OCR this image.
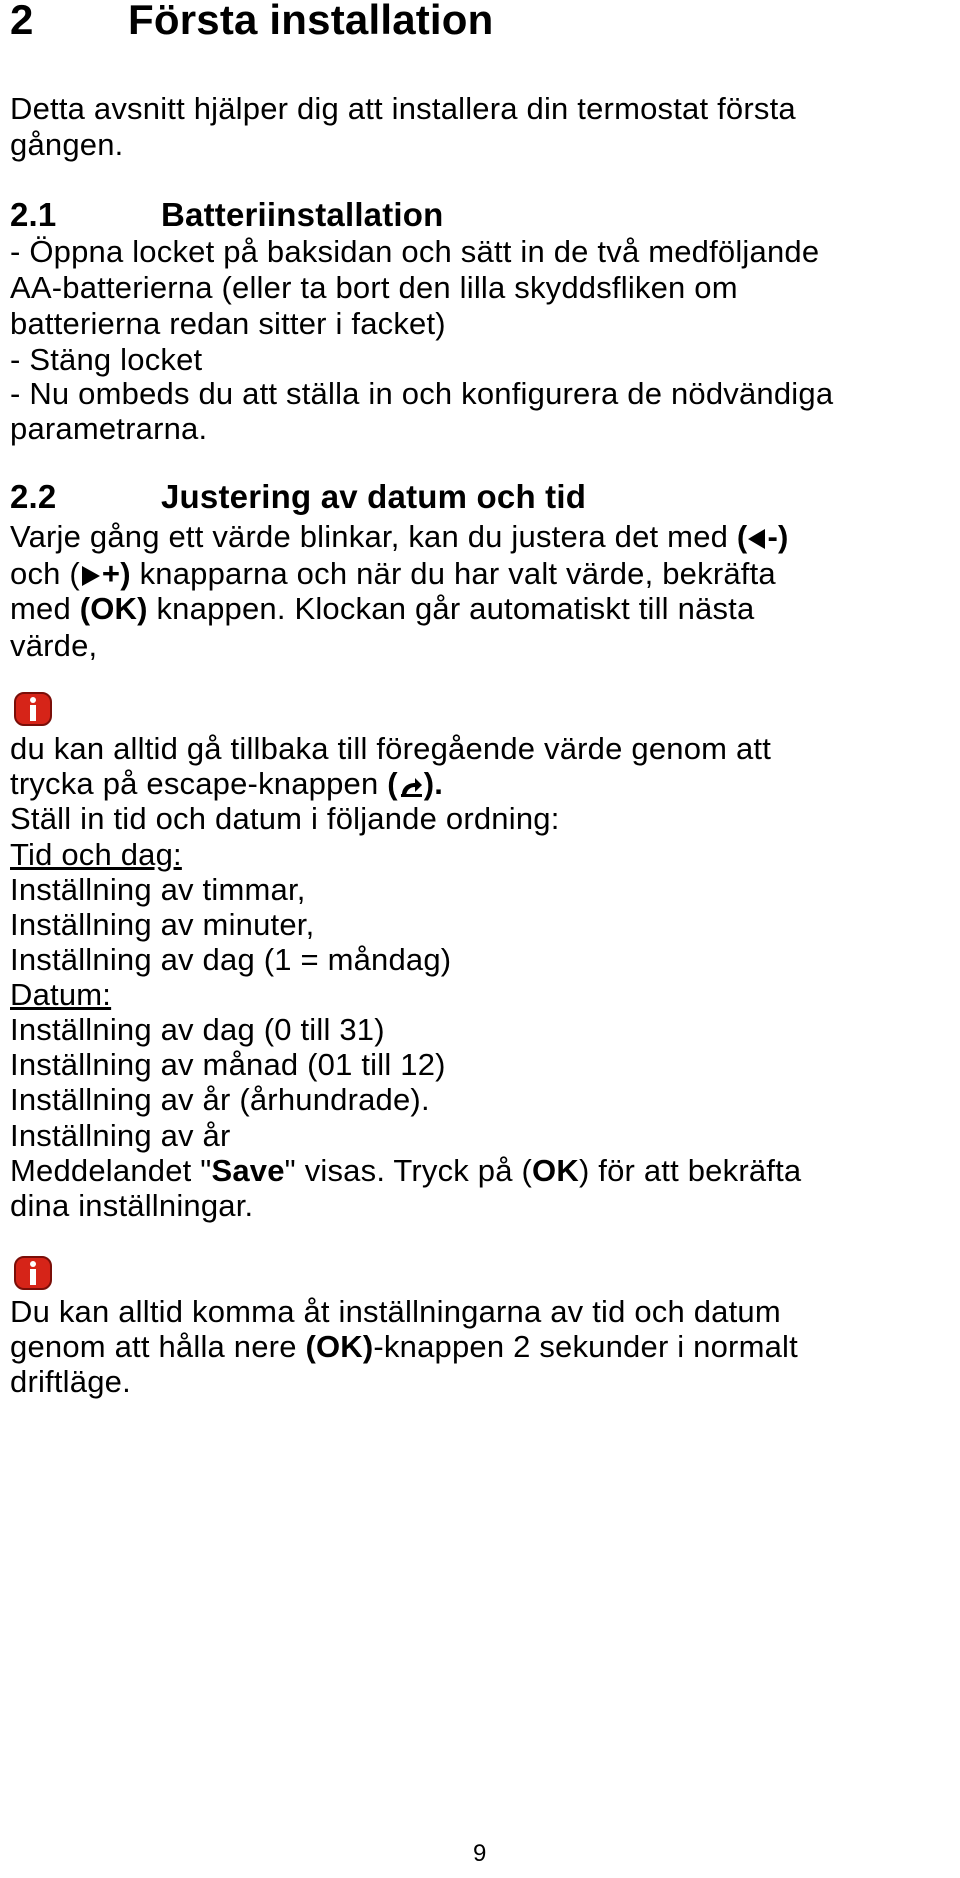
2 Första installation
Detta avsnitt hjälper dig att installera din termostat första
gången.
2.1	Batteriinstallation
- Öppna locket på baksidan och sätt in de två medföljande
AA-batterierna (eller ta bort den lilla skyddsfliken om
batterierna redan sitter i facket)
- Stäng locket
- Nu ombeds du att ställa in och konfigurera de nödvändiga
parametrarna.
2.2	Justering av datum och tid
Varje gång ett värde blinkar, kan du justera det med ( -)
och ( +) knapparna och när du har valt värde, bekräfta
med (OK) knappen. Klockan går automatiskt till nästa
värde,
du kan alltid gå tillbaka till föregående värde genom att
trycka på escape-knappen ( ).
Ställ in tid och datum i följande ordning:
Tid och dag:
Inställning av timmar,
Inställning av minuter,
Inställning av dag (1 = måndag)
Datum:
Inställning av dag (0 till 31)
Inställning av månad (01 till 12)
Inställning av år (århundrade).
Inställning av år
Meddelandet "Save" visas. Tryck på (OK) för att bekräfta
dina inställningar.
Du kan alltid komma åt inställningarna av tid och datum
genom att hålla nere (OK)-knappen 2 sekunder i normalt
driftläge.
9
